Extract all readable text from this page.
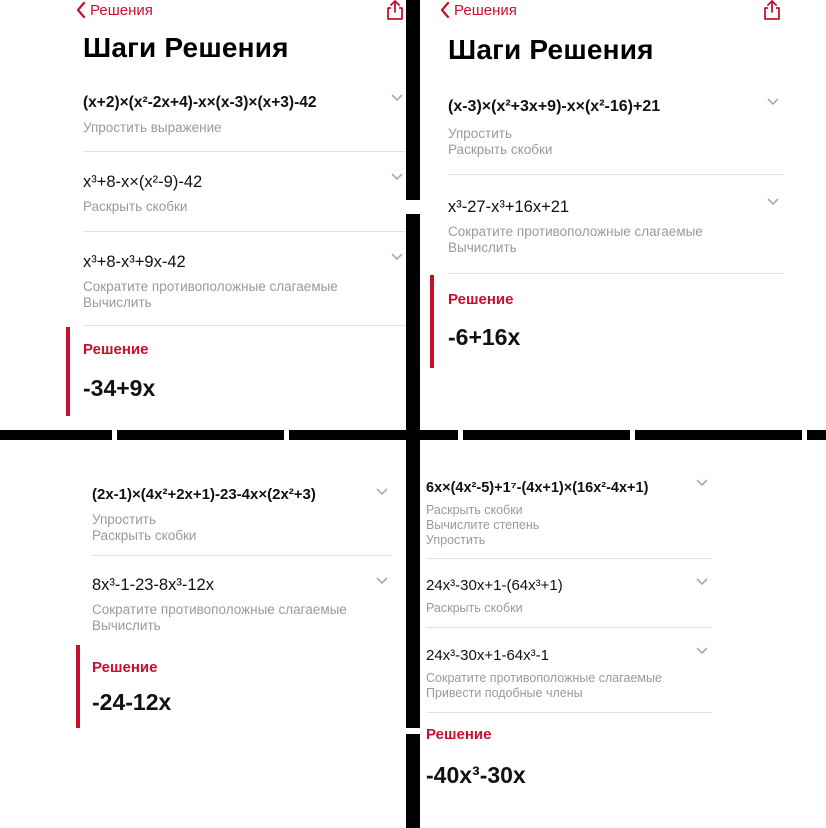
Решения
Шаги Решения
(x+2)×(x²-2x+4)-x×(x-3)×(x+3)-42
Упростить выражение
x³+8-x×(x²-9)-42
Раскрыть скобки
x³+8-x³+9x-42
Сократите противоположные слагаемые
Вычислить
Решение
-34+9x
Решения
Шаги Решения
(x-3)×(x²+3x+9)-x×(x²-16)+21
Упростить
Раскрыть скобки
x³-27-x³+16x+21
Сократите противоположные слагаемые
Вычислить
Решение
-6+16x
(2x-1)×(4x²+2x+1)-23-4x×(2x²+3)
Упростить
Раскрыть скобки
8x³-1-23-8x³-12x
Сократите противоположные слагаемые
Вычислить
Решение
-24-12x
6x×(4x²-5)+1⁷-(4x+1)×(16x²-4x+1)
Раскрыть скобки
Вычислите степень
Упростить
24x³-30x+1-(64x³+1)
Раскрыть скобки
24x³-30x+1-64x³-1
Сократите противоположные слагаемые
Привести подобные члены
Решение
-40x³-30x
